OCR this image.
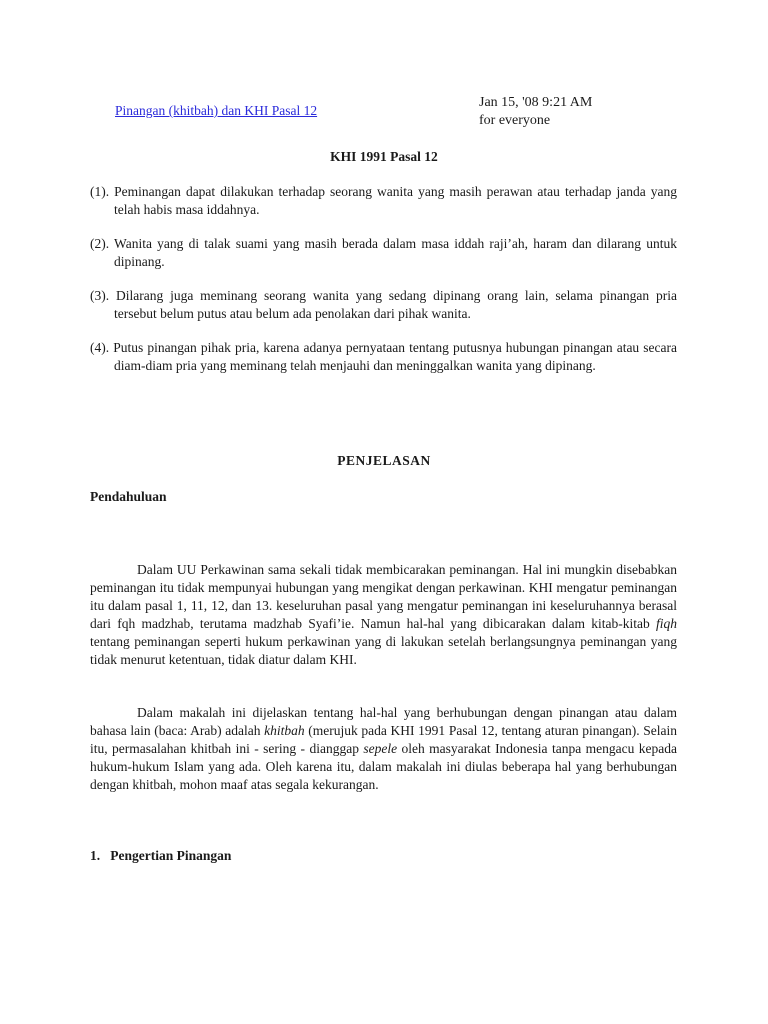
Pinangan (khitbah) dan KHI Pasal 12
Jan 15, '08 9:21 AM
for everyone
KHI 1991 Pasal 12
(1). Peminangan dapat dilakukan terhadap seorang wanita yang masih perawan atau terhadap janda yang telah habis masa iddahnya.
(2). Wanita yang di talak suami yang masih berada dalam masa iddah raji’ah, haram dan dilarang untuk dipinang.
(3). Dilarang juga meminang seorang wanita yang sedang dipinang orang lain, selama pinangan pria tersebut belum putus atau belum ada penolakan dari pihak wanita.
(4). Putus pinangan pihak pria, karena adanya pernyataan tentang putusnya hubungan pinangan atau secara diam-diam pria yang meminang telah menjauhi dan meninggalkan wanita yang dipinang.
PENJELASAN
Pendahuluan

Dalam UU Perkawinan sama sekali tidak membicarakan peminangan. Hal ini mungkin disebabkan peminangan itu tidak mempunyai hubungan yang mengikat dengan perkawinan. KHI mengatur peminangan itu dalam pasal 1, 11, 12, dan 13. keseluruhan pasal yang mengatur peminangan ini keseluruhannya berasal dari fqh madzhab, terutama madzhab Syafi’ie. Namun hal-hal yang dibicarakan dalam kitab-kitab fiqh tentang peminangan seperti hukum perkawinan yang di lakukan setelah berlangsungnya peminangan yang tidak menurut ketentuan, tidak diatur dalam KHI.

Dalam makalah ini dijelaskan tentang hal-hal yang berhubungan dengan pinangan atau dalam bahasa lain (baca: Arab) adalah khitbah (merujuk pada KHI 1991 Pasal 12, tentang aturan pinangan). Selain itu, permasalahan khitbah ini - sering - dianggap sepele oleh masyarakat Indonesia tanpa mengacu kepada hukum-hukum Islam yang ada. Oleh karena itu, dalam makalah ini diulas beberapa hal yang berhubungan dengan khitbah, mohon maaf atas segala kekurangan.

1.   Pengertian Pinangan
